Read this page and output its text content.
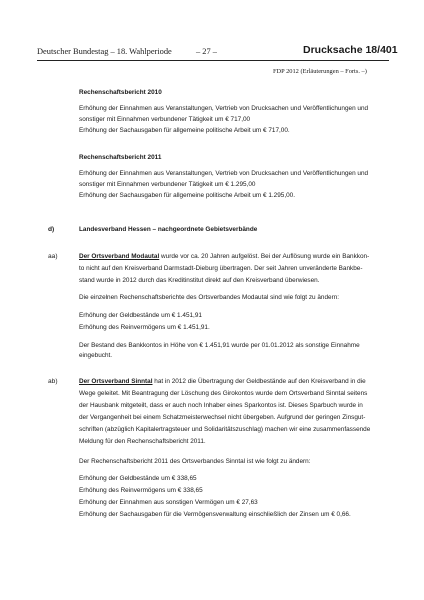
Deutscher Bundestag – 18. Wahlperiode	– 27 –	Drucksache 18/401
FDP 2012 (Erläuterungen – Forts. –)
Rechenschaftsbericht 2010
Erhöhung der Einnahmen aus Veranstaltungen, Vertrieb von Drucksachen und Veröffentlichungen und
sonstiger mit Einnahmen verbundener Tätigkeit um € 717,00
Erhöhung der Sachausgaben für allgemeine politische Arbeit um € 717,00.
Rechenschaftsbericht 2011
Erhöhung der Einnahmen aus Veranstaltungen, Vertrieb von Drucksachen und Veröffentlichungen und
sonstiger mit Einnahmen verbundener Tätigkeit um € 1.295,00
Erhöhung der Sachausgaben für allgemeine politische Arbeit um € 1.295,00.
d)	Landesverband Hessen – nachgeordnete Gebietsverbände
aa)	Der Ortsverband Modautal wurde vor ca. 20 Jahren aufgelöst. Bei der Auflösung wurde ein Bankkon-
to nicht auf den Kreisverband Darmstadt-Dieburg übertragen. Der seit Jahren unveränderte Bankbe-
stand wurde in 2012 durch das Kreditinstitut direkt auf den Kreisverband überwiesen.
Die einzelnen Rechenschaftsberichte des Ortsverbandes Modautal sind wie folgt zu ändern:
Erhöhung der Geldbestände um € 1.451,91
Erhöhung des Reinvermögens um € 1.451,91.
Der Bestand des Bankkontos in Höhe von € 1.451,91 wurde per 01.01.2012 als sonstige Einnahme
eingebucht.
ab)	Der Ortsverband Sinntal hat in 2012 die Übertragung der Geldbestände auf den Kreisverband in die
Wege geleitet. Mit Beantragung der Löschung des Girokontos wurde dem Ortsverband Sinntal seitens
der Hausbank mitgeteilt, dass er auch noch Inhaber eines Sparkontos ist. Dieses Sparbuch wurde in
der Vergangenheit bei einem Schatzmeisterwechsel nicht übergeben. Aufgrund der geringen Zinsgut-
schriften (abzüglich Kapitalertragsteuer und Solidaritätszuschlag) machen wir eine zusammenfassende
Meldung für den Rechenschaftsbericht 2011.
Der Rechenschaftsbericht 2011 des Ortsverbandes Sinntal ist wie folgt zu ändern:
Erhöhung der Geldbestände um € 338,65
Erhöhung des Reinvermögens um € 338,65
Erhöhung der Einnahmen aus sonstigen Vermögen um € 27,63
Erhöhung der Sachausgaben für die Vermögensverwaltung einschließlich der Zinsen um € 0,66.
